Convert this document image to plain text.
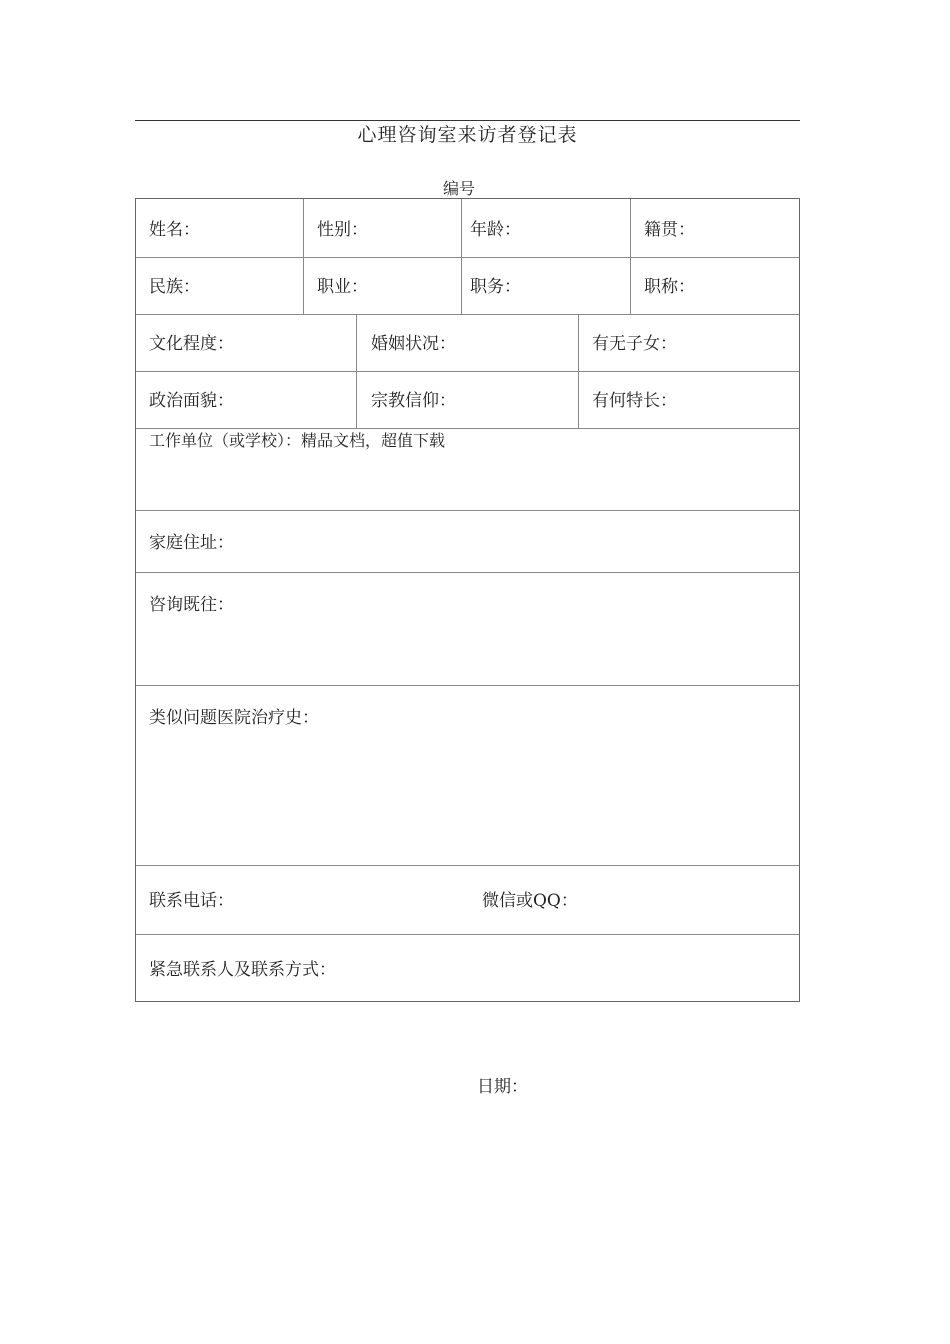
心理咨询室来访者登记表
编号
姓名：	性别：	年龄：	籍贯：
民族：	职业：	职务：	职称：
文化程度：	婚姻状况：	有无子女：
政治面貌：	宗教信仰：	有何特长：
工作单位（或学校）：精品文档，超值下载
家庭住址：
咨询既往：
类似问题医院治疗史：
联系电话：	微信或QQ：
紧急联系人及联系方式：
日期：
